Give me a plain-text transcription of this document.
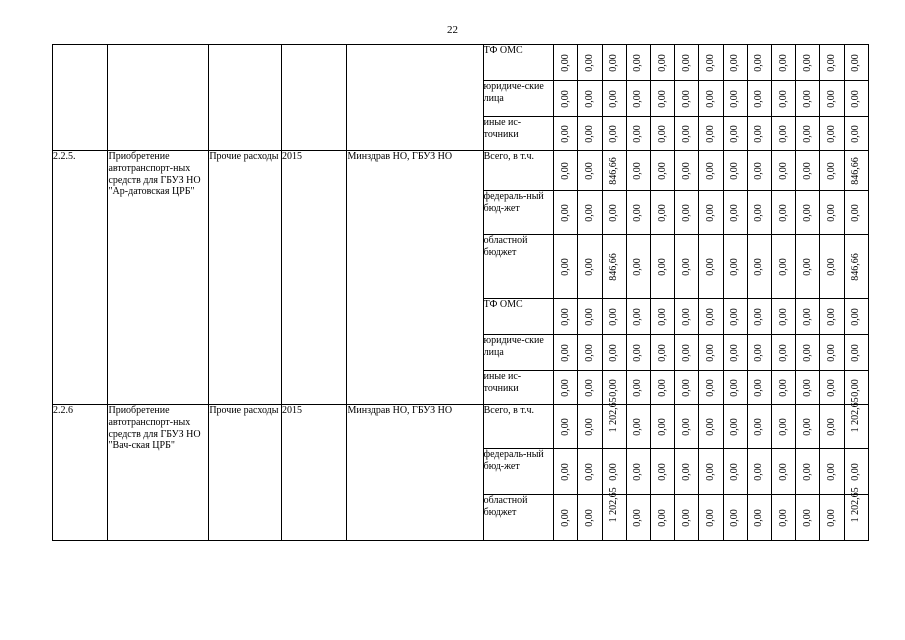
22
					ТФ ОМС	0,00	0,00	0,00	0,00	0,00	0,00	0,00	0,00	0,00	0,00	0,00	0,00	0,00

					юридиче-ские лица	0,00	0,00	0,00	0,00	0,00	0,00	0,00	0,00	0,00	0,00	0,00	0,00	0,00

					иные ис-точники	0,00	0,00	0,00	0,00	0,00	0,00	0,00	0,00	0,00	0,00	0,00	0,00	0,00

2.2.5.	Приобретение автотранспорт-ных средств для ГБУЗ НО "Ар-датовская ЦРБ"	Прочие расходы	2015	Минздрав НО, ГБУЗ НО	Всего, в т.ч.	0,00	0,00	846,66	0,00	0,00	0,00	0,00	0,00	0,00	0,00	0,00	0,00	846,66

					федераль-ный бюд-жет	0,00	0,00	0,00	0,00	0,00	0,00	0,00	0,00	0,00	0,00	0,00	0,00	0,00

					областной бюджет	0,00	0,00	846,66	0,00	0,00	0,00	0,00	0,00	0,00	0,00	0,00	0,00	846,66

					ТФ ОМС	0,00	0,00	0,00	0,00	0,00	0,00	0,00	0,00	0,00	0,00	0,00	0,00	0,00

					юридиче-ские лица	0,00	0,00	0,00	0,00	0,00	0,00	0,00	0,00	0,00	0,00	0,00	0,00	0,00

					иные ис-точники	0,00	0,00	0,00	0,00	0,00	0,00	0,00	0,00	0,00	0,00	0,00	0,00	0,00

2.2.6	Приобретение автотранспорт-ных средств для ГБУЗ НО "Вач-ская ЦРБ"	Прочие расходы	2015	Минздрав НО, ГБУЗ НО	Всего, в т.ч.	0,00	0,00	1 202,65	0,00	0,00	0,00	0,00	0,00	0,00	0,00	0,00	0,00	1 202,65

					федераль-ный бюд-жет	0,00	0,00	0,00	0,00	0,00	0,00	0,00	0,00	0,00	0,00	0,00	0,00	0,00

					областной бюджет	0,00	0,00	1 202,65	0,00	0,00	0,00	0,00	0,00	0,00	0,00	0,00	0,00	1 202,65
